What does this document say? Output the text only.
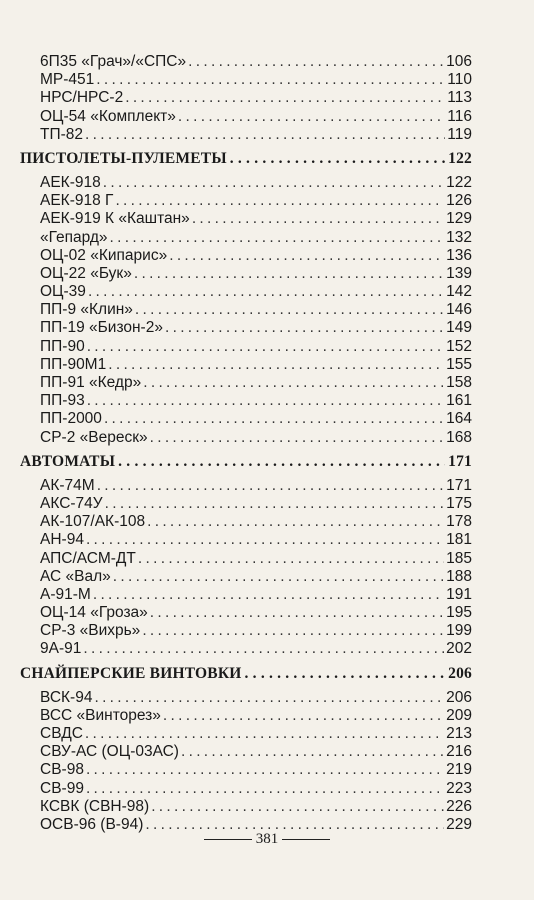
6П35 «Грач»/«СПС» . . .	106
МР-451 . . .	110
НРС/НРС-2 . . .	113
ОЦ-54 «Комплект» . . .	116
ТП-82 . . .	119
ПИСТОЛЕТЫ-ПУЛЕМЕТЫ . . .	122
АЕК-918 . . .	122
АЕК-918 Г . . .	126
АЕК-919 К «Каштан» . . .	129
«Гепард» . . .	132
ОЦ-02 «Кипарис» . . .	136
ОЦ-22 «Бук» . . .	139
ОЦ-39 . . .	142
ПП-9 «Клин» . . .	146
ПП-19 «Бизон-2» . . .	149
ПП-90 . . .	152
ПП-90М1 . . .	155
ПП-91 «Кедр» . . .	158
ПП-93 . . .	161
ПП-2000 . . .	164
СР-2 «Вереск» . . .	168
АВТОМАТЫ . . .	171
АК-74М . . .	171
АКС-74У . . .	175
АК-107/АК-108 . . .	178
АН-94 . . .	181
АПС/АСМ-ДТ . . .	185
АС «Вал» . . .	188
А-91-М . . .	191
ОЦ-14 «Гроза» . . .	195
СР-3 «Вихрь» . . .	199
9А-91 . . .	202
СНАЙПЕРСКИЕ ВИНТОВКИ . . .	206
ВСК-94 . . .	206
ВСС «Винторез» . . .	209
СВДС . . .	213
СВУ-АС (ОЦ-03АС) . . .	216
СВ-98 . . .	219
СВ-99 . . .	223
КСВК (СВН-98) . . .	226
ОСВ-96 (В-94) . . .	229
381
